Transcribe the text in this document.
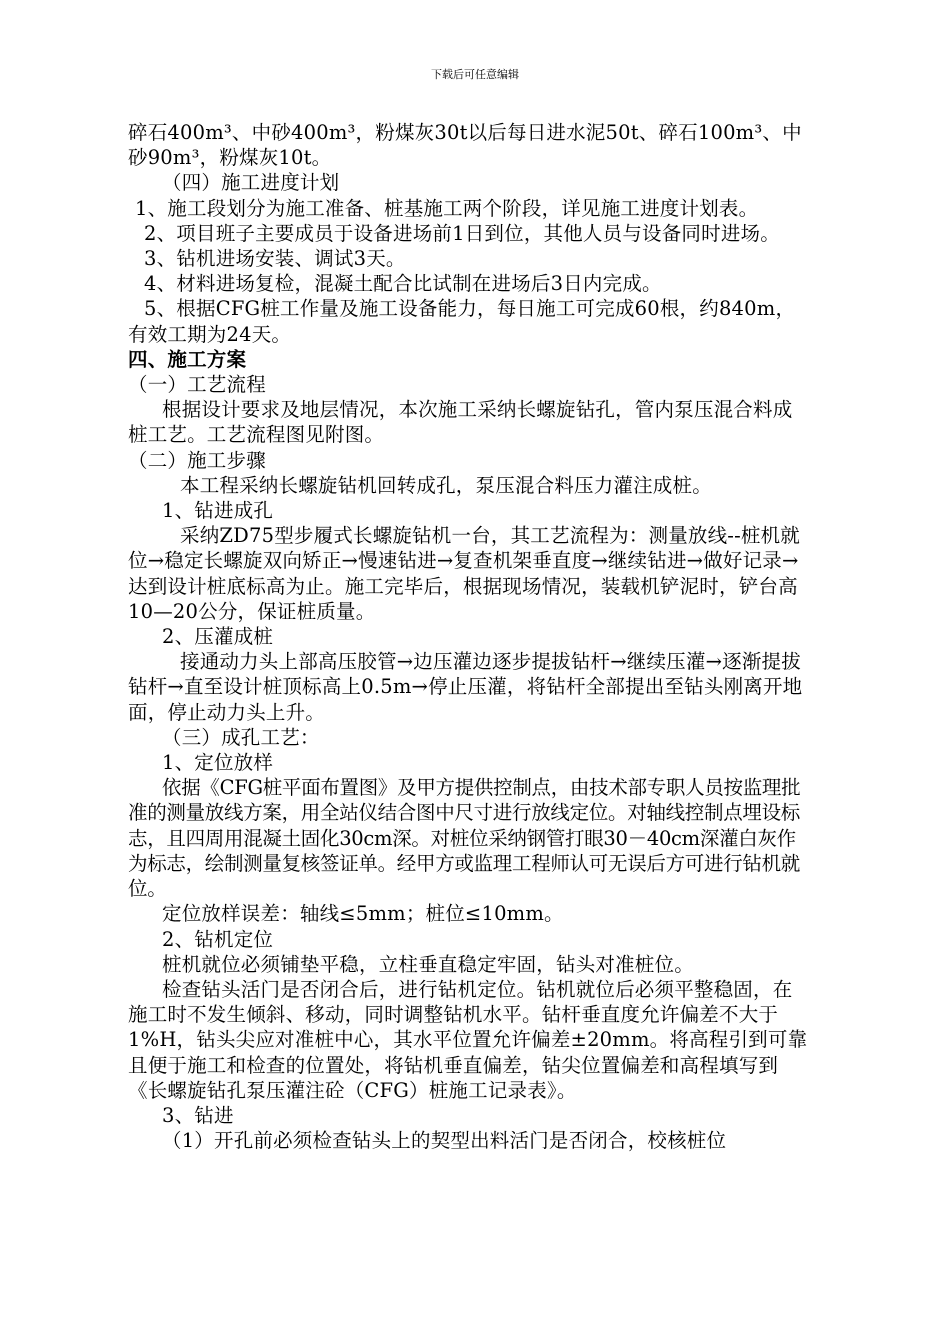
下载后可任意编辑

碎石400m³、中砂400m³，粉煤灰30t以后每日进水泥50t、碎石100m³、中砂90m³，粉煤灰10t。

（四）施工进度计划

1、施工段划分为施工准备、桩基施工两个阶段，详见施工进度计划表。

2、项目班子主要成员于设备进场前1日到位，其他人员与设备同时进场。

3、钻机进场安装、调试3天。

4、材料进场复检，混凝土配合比试制在进场后3日内完成。

5、根据CFG桩工作量及施工设备能力，每日施工可完成60根，约840m，有效工期为24天。

四、施工方案

（一）工艺流程

根据设计要求及地层情况，本次施工采纳长螺旋钻孔，管内泵压混合料成桩工艺。工艺流程图见附图。

（二）施工步骤

本工程采纳长螺旋钻机回转成孔，泵压混合料压力灌注成桩。

1、钻进成孔

采纳ZD75型步履式长螺旋钻机一台，其工艺流程为：测量放线--桩机就位→稳定长螺旋双向矫正→慢速钻进→复查机架垂直度→继续钻进→做好记录→达到设计桩底标高为止。施工完毕后，根据现场情况，装载机铲泥时，铲台高10—20公分，保证桩质量。

2、压灌成桩

接通动力头上部高压胶管→边压灌边逐步提拔钻杆→继续压灌→逐渐提拔钻杆→直至设计桩顶标高上0.5m→停止压灌，将钻杆全部提出至钻头刚离开地面，停止动力头上升。

（三）成孔工艺：

1、定位放样

依据《CFG桩平面布置图》及甲方提供控制点，由技术部专职人员按监理批准的测量放线方案，用全站仪结合图中尺寸进行放线定位。对轴线控制点埋设标志，且四周用混凝土固化30cm深。对桩位采纳钢管打眼30－40cm深灌白灰作为标志，绘制测量复核签证单。经甲方或监理工程师认可无误后方可进行钻机就位。

定位放样误差：轴线≤5mm；桩位≤10mm。

2、钻机定位

桩机就位必须铺垫平稳，立柱垂直稳定牢固，钻头对准桩位。

检查钻头活门是否闭合后，进行钻机定位。钻机就位后必须平整稳固，在施工时不发生倾斜、移动，同时调整钻机水平。钻杆垂直度允许偏差不大于1%H，钻头尖应对准桩中心，其水平位置允许偏差±20mm。将高程引到可靠且便于施工和检查的位置处，将钻机垂直偏差，钻尖位置偏差和高程填写到《长螺旋钻孔泵压灌注砼（CFG）桩施工记录表》。

3、钻进

（1）开孔前必须检查钻头上的契型出料活门是否闭合，校核桩位
